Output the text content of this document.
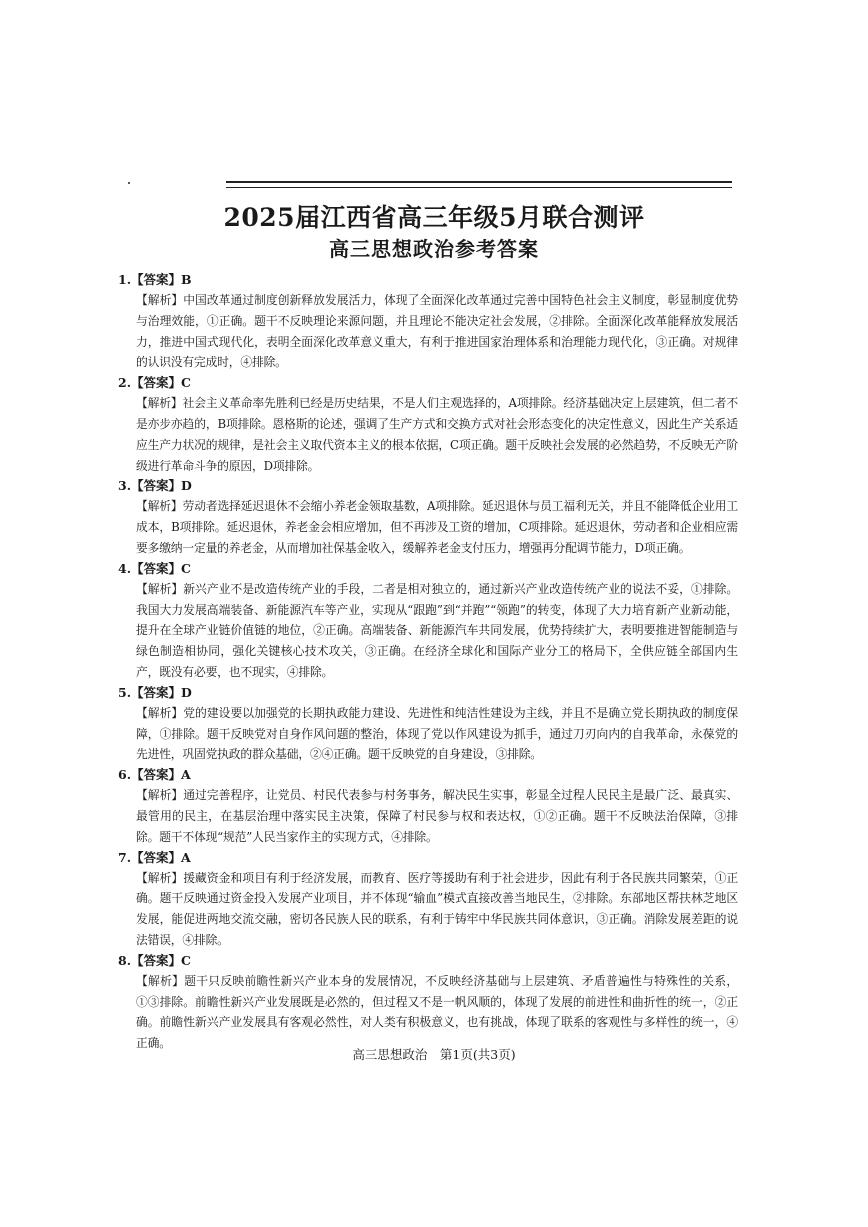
2025届江西省高三年级5月联合测评
高三思想政治参考答案
1.【答案】B
【解析】中国改革通过制度创新释放发展活力，体现了全面深化改革通过完善中国特色社会主义制度，彰显制度优势与治理效能，①正确。题干不反映理论来源问题，并且理论不能决定社会发展，②排除。全面深化改革能释放发展活力，推进中国式现代化，表明全面深化改革意义重大，有利于推进国家治理体系和治理能力现代化，③正确。对规律的认识没有完成时，④排除。
2.【答案】C
【解析】社会主义革命率先胜利已经是历史结果，不是人们主观选择的，A项排除。经济基础决定上层建筑，但二者不是亦步亦趋的，B项排除。恩格斯的论述，强调了生产方式和交换方式对社会形态变化的决定性意义，因此生产关系适应生产力状况的规律，是社会主义取代资本主义的根本依据，C项正确。题干反映社会发展的必然趋势，不反映无产阶级进行革命斗争的原因，D项排除。
3.【答案】D
【解析】劳动者选择延迟退休不会缩小养老金领取基数，A项排除。延迟退休与员工福利无关，并且不能降低企业用工成本，B项排除。延迟退休，养老金会相应增加，但不再涉及工资的增加，C项排除。延迟退休，劳动者和企业相应需要多缴纳一定量的养老金，从而增加社保基金收入，缓解养老金支付压力，增强再分配调节能力，D项正确。
4.【答案】C
【解析】新兴产业不是改造传统产业的手段，二者是相对独立的，通过新兴产业改造传统产业的说法不妥，①排除。我国大力发展高端装备、新能源汽车等产业，实现从“跟跑”到“并跑”“领跑”的转变，体现了大力培育新产业新动能，提升在全球产业链价值链的地位，②正确。高端装备、新能源汽车共同发展，优势持续扩大，表明要推进智能制造与绿色制造相协同，强化关键核心技术攻关，③正确。在经济全球化和国际产业分工的格局下，全供应链全部国内生产，既没有必要，也不现实，④排除。
5.【答案】D
【解析】党的建设要以加强党的长期执政能力建设、先进性和纯洁性建设为主线，并且不是确立党长期执政的制度保障，①排除。题干反映党对自身作风问题的整治，体现了党以作风建设为抓手，通过刀刃向内的自我革命，永葆党的先进性，巩固党执政的群众基础，②④正确。题干反映党的自身建设，③排除。
6.【答案】A
【解析】通过完善程序，让党员、村民代表参与村务事务，解决民生实事，彰显全过程人民民主是最广泛、最真实、最管用的民主，在基层治理中落实民主决策，保障了村民参与权和表达权，①②正确。题干不反映法治保障，③排除。题干不体现“规范”人民当家作主的实现方式，④排除。
7.【答案】A
【解析】援藏资金和项目有利于经济发展，而教育、医疗等援助有利于社会进步，因此有利于各民族共同繁荣，①正确。题干反映通过资金投入发展产业项目，并不体现“输血”模式直接改善当地民生，②排除。东部地区帮扶林芝地区发展，能促进两地交流交融，密切各民族人民的联系，有利于铸牢中华民族共同体意识，③正确。消除发展差距的说法错误，④排除。
8.【答案】C
【解析】题干只反映前瞻性新兴产业本身的发展情况，不反映经济基础与上层建筑、矛盾普遍性与特殊性的关系，①③排除。前瞻性新兴产业发展既是必然的，但过程又不是一帆风顺的，体现了发展的前进性和曲折性的统一，②正确。前瞻性新兴产业发展具有客观必然性，对人类有积极意义，也有挑战，体现了联系的客观性与多样性的统一，④正确。
高三思想政治　第1页(共3页)
